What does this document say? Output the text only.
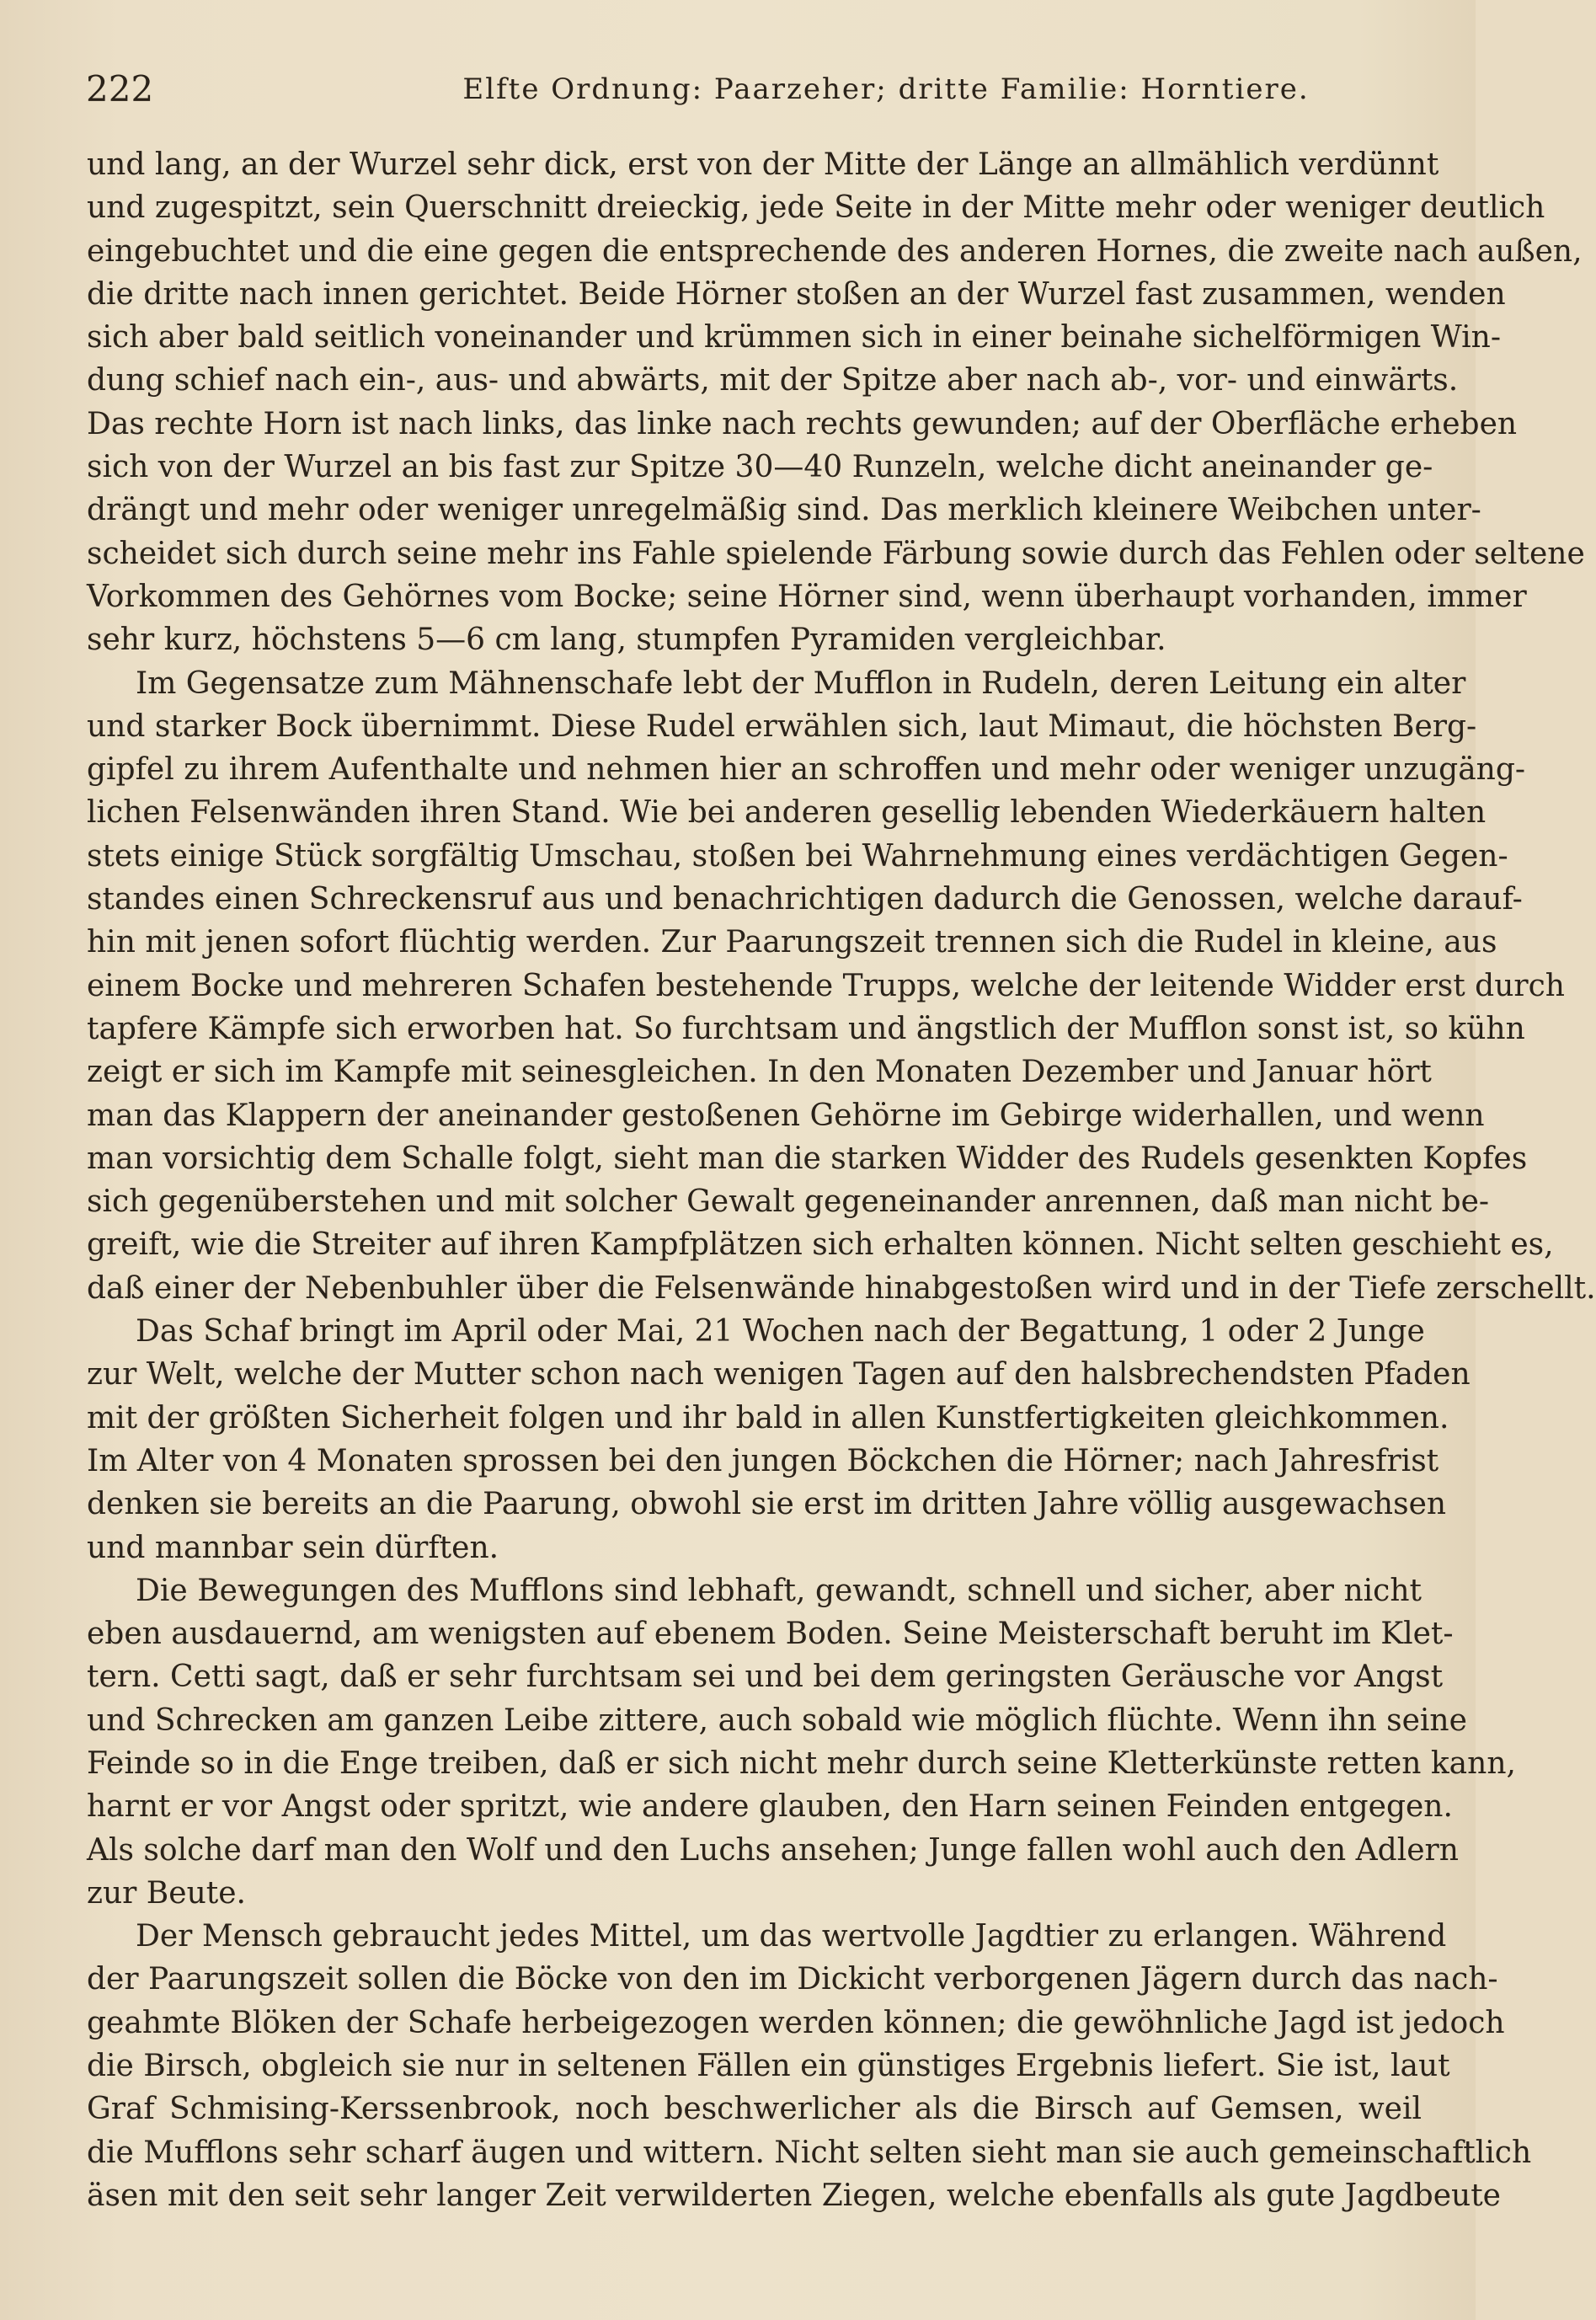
222	Elfte Ordnung: Paarzeher; dritte Familie: Horntiere.
und lang, an der Wurzel sehr dick, erst von der Mitte der Länge an allmählich verdünnt
und zugespitzt, sein Querschnitt dreieckig, jede Seite in der Mitte mehr oder weniger deutlich
eingebuchtet und die eine gegen die entsprechende des anderen Hornes, die zweite nach außen,
die dritte nach innen gerichtet. Beide Hörner stoßen an der Wurzel fast zusammen, wenden
sich aber bald seitlich voneinander und krümmen sich in einer beinahe sichelförmigen Win-
dung schief nach ein-, aus- und abwärts, mit der Spitze aber nach ab-, vor- und einwärts.
Das rechte Horn ist nach links, das linke nach rechts gewunden; auf der Oberfläche erheben
sich von der Wurzel an bis fast zur Spitze 30—40 Runzeln, welche dicht aneinander ge-
drängt und mehr oder weniger unregelmäßig sind. Das merklich kleinere Weibchen unter-
scheidet sich durch seine mehr ins Fahle spielende Färbung sowie durch das Fehlen oder seltene
Vorkommen des Gehörnes vom Bocke; seine Hörner sind, wenn überhaupt vorhanden, immer
sehr kurz, höchstens 5—6 cm lang, stumpfen Pyramiden vergleichbar.
Im Gegensatze zum Mähnenschafe lebt der Mufflon in Rudeln, deren Leitung ein alter
und starker Bock übernimmt. Diese Rudel erwählen sich, laut Mimaut, die höchsten Berg-
gipfel zu ihrem Aufenthalte und nehmen hier an schroffen und mehr oder weniger unzugäng-
lichen Felsenwänden ihren Stand. Wie bei anderen gesellig lebenden Wiederkäuern halten
stets einige Stück sorgfältig Umschau, stoßen bei Wahrnehmung eines verdächtigen Gegen-
standes einen Schreckensruf aus und benachrichtigen dadurch die Genossen, welche darauf-
hin mit jenen sofort flüchtig werden. Zur Paarungszeit trennen sich die Rudel in kleine, aus
einem Bocke und mehreren Schafen bestehende Trupps, welche der leitende Widder erst durch
tapfere Kämpfe sich erworben hat. So furchtsam und ängstlich der Mufflon sonst ist, so kühn
zeigt er sich im Kampfe mit seinesgleichen. In den Monaten Dezember und Januar hört
man das Klappern der aneinander gestoßenen Gehörne im Gebirge widerhallen, und wenn
man vorsichtig dem Schalle folgt, sieht man die starken Widder des Rudels gesenkten Kopfes
sich gegenüberstehen und mit solcher Gewalt gegeneinander anrennen, daß man nicht be-
greift, wie die Streiter auf ihren Kampfplätzen sich erhalten können. Nicht selten geschieht es,
daß einer der Nebenbuhler über die Felsenwände hinabgestoßen wird und in der Tiefe zerschellt.
Das Schaf bringt im April oder Mai, 21 Wochen nach der Begattung, 1 oder 2 Junge
zur Welt, welche der Mutter schon nach wenigen Tagen auf den halsbrechendsten Pfaden
mit der größten Sicherheit folgen und ihr bald in allen Kunstfertigkeiten gleichkommen.
Im Alter von 4 Monaten sprossen bei den jungen Böckchen die Hörner; nach Jahresfrist
denken sie bereits an die Paarung, obwohl sie erst im dritten Jahre völlig ausgewachsen
und mannbar sein dürften.
Die Bewegungen des Mufflons sind lebhaft, gewandt, schnell und sicher, aber nicht
eben ausdauernd, am wenigsten auf ebenem Boden. Seine Meisterschaft beruht im Klet-
tern. Cetti sagt, daß er sehr furchtsam sei und bei dem geringsten Geräusche vor Angst
und Schrecken am ganzen Leibe zittere, auch sobald wie möglich flüchte. Wenn ihn seine
Feinde so in die Enge treiben, daß er sich nicht mehr durch seine Kletterkünste retten kann,
harnt er vor Angst oder spritzt, wie andere glauben, den Harn seinen Feinden entgegen.
Als solche darf man den Wolf und den Luchs ansehen; Junge fallen wohl auch den Adlern
zur Beute.
Der Mensch gebraucht jedes Mittel, um das wertvolle Jagdtier zu erlangen. Während
der Paarungszeit sollen die Böcke von den im Dickicht verborgenen Jägern durch das nach-
geahmte Blöken der Schafe herbeigezogen werden können; die gewöhnliche Jagd ist jedoch
die Birsch, obgleich sie nur in seltenen Fällen ein günstiges Ergebnis liefert. Sie ist, laut
Graf Schmising-Kerssenbrook, noch beschwerlicher als die Birsch auf Gemsen, weil
die Mufflons sehr scharf äugen und wittern. Nicht selten sieht man sie auch gemeinschaftlich
äsen mit den seit sehr langer Zeit verwilderten Ziegen, welche ebenfalls als gute Jagdbeute
